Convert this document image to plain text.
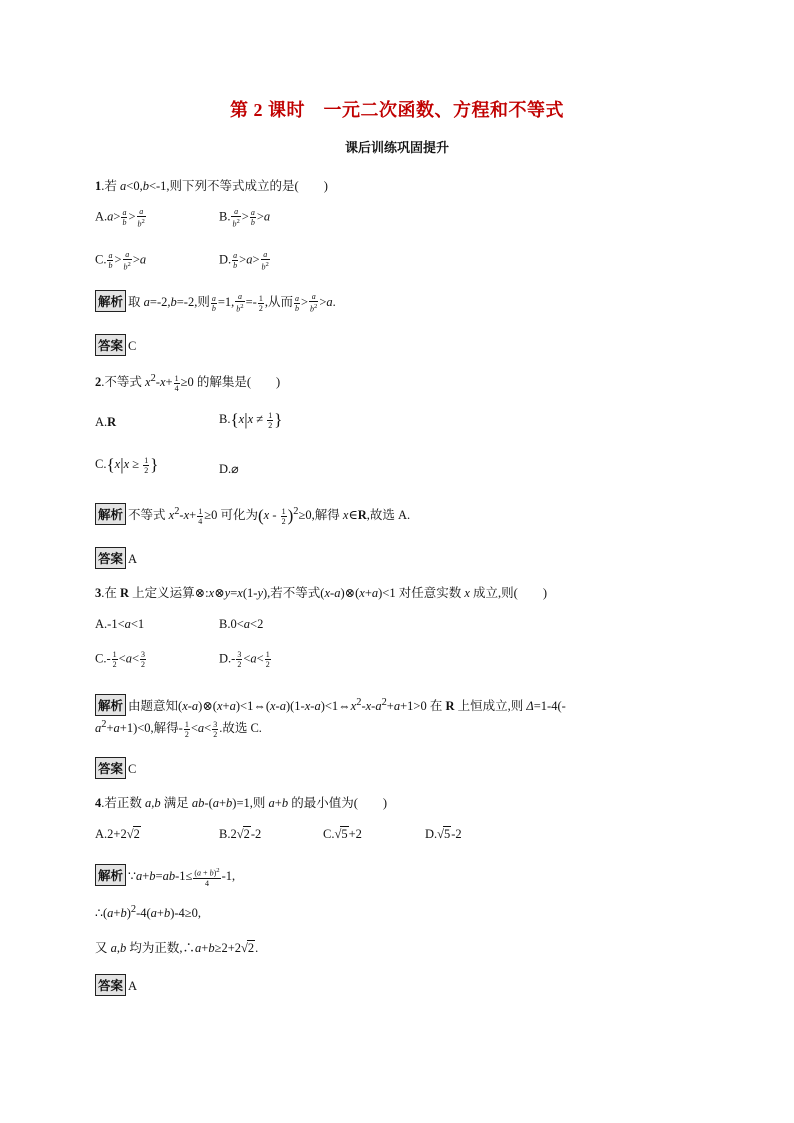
第 2 课时　一元二次函数、方程和不等式
课后训练巩固提升
1.若 a<0,b<-1,则下列不等式成立的是(　　)
$A.a> \frac{a}{b} > \frac{a}{b^2}$	B. $\frac{a}{b^2} > \frac{a}{b} >a$
C. $\frac{a}{b} > \frac{a}{b^2} >a$	D. $\frac{a}{b} >a> \frac{a}{b^2}$
解析 取 a=-2,b=-2,则 $\frac{a}{b} =1$, $\frac{a}{b^2} =- \frac{1}{2}$ ,从而 $\frac{a}{b} > \frac{a}{b^2} >a$.
答案 C
2.不等式 $x^2-x+ \frac{1}{4} \ge 0$ 的解集是(　　)
A.R	$B.\{x|x \ne \frac{1}{2}$ }
$C.\{x|x \ge \frac{1}{2}$ }	D.⌀
解析 不等式 $x^2-x+ \frac{1}{4} \ge 0$ 可化为$(x - \frac{1}{2} )^2\ge 0$,解得 x∈R,故选 A.
答案 A
3.在 R 上定义运算⊗:x⊗y=x(1-y),若不等式(x-a)⊗(x+a)<1 对任意实数 x 成立,则(　　)
A.-1<a<1	B.0<a<2
$C.- \frac{1}{2} <a< \frac{3}{2}$	$D.- \frac{3}{2} <a< \frac{1}{2}$
解析 由题意知$(x-a)\otimes(x+a)<1\Leftrightarrow(x-a)(1-x-a)<1\Leftrightarrow x^2-x-a^2+a+1>0$ 在 R 上恒成立,则 Δ=1-4(-
$a^2+a+1)<0$,解得- $\frac{1}{2} <a< \frac{3}{2}$ .故选 C.
答案 C
4.若正数 a,b 满足 ab-(a+b)=1,则 a+b 的最小值为(　　)
A.2+2√2	B.2√2-2	C.√5+2	D.√5-2
解析 ∵a+b=ab-1≤ $\frac{(a + b)^2}{4} -1$,
$\therefore(a+b)^2-4(a+b)-4\ge 0$,
又 a,b 均为正数,∴a+b≥2+2√2.
答案 A
